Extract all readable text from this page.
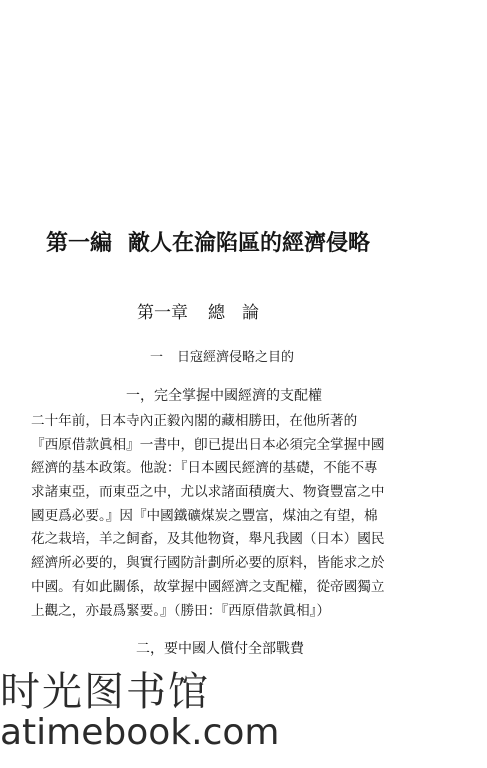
第一編 敵人在淪陷區的經濟侵略
第一章 總　論
一 日寇經濟侵略之目的
一，完全掌握中國經濟的支配權
二十年前，日本寺內正毅內閣的藏相勝田，在他所著的
『西原借款眞相』一書中，卽已提出日本必須完全掌握中國
經濟的基本政策。他說：『日本國民經濟的基礎，不能不專
求諸東亞，而東亞之中，尤以求諸面積廣大、物資豐富之中
國更爲必要。』因『中國鐵礦煤炭之豐富，煤油之有望，棉
花之栽培，羊之飼畜，及其他物資，舉凡我國（日本）國民
經濟所必要的，與實行國防計劃所必要的原料，皆能求之於
中國。有如此關係，故掌握中國經濟之支配權，從帝國獨立
上觀之，亦最爲緊要。』（勝田：『西原借款眞相』）
二，要中國人償付全部戰費
时光图书馆
atimebook.com
